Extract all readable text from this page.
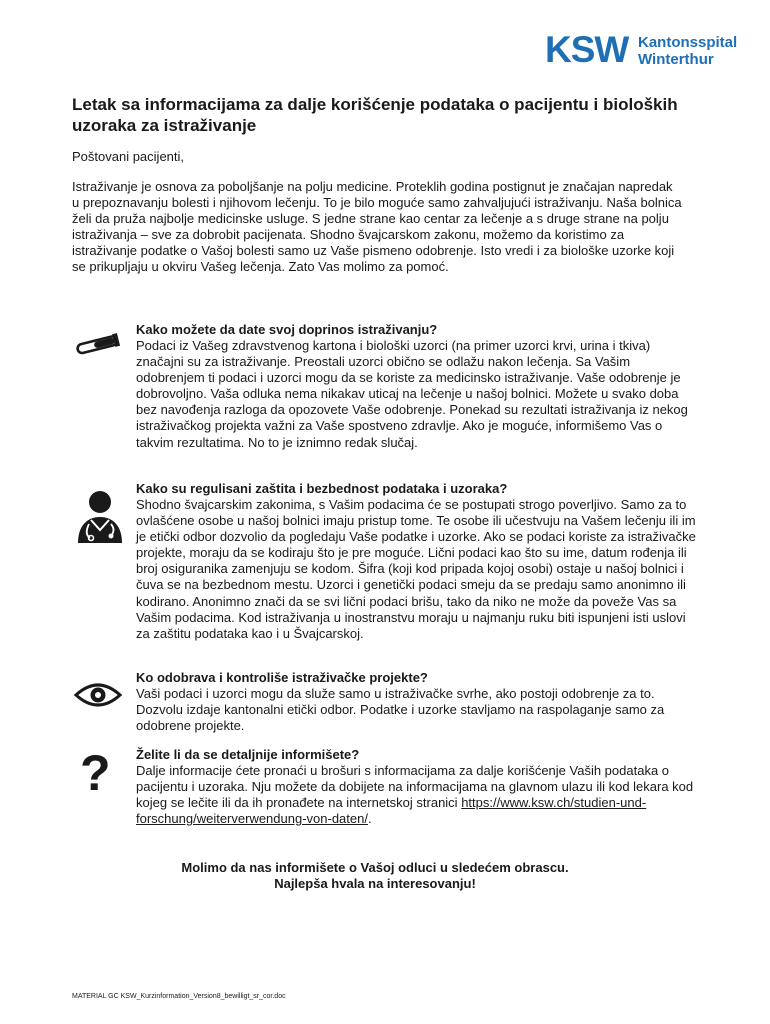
KSW Kantonsspital
Winterthur
Letak sa informacijama za dalje korišćenje podataka o pacijentu i bioloških uzoraka za istraživanje
Poštovani pacijenti,

Istraživanje je osnova za poboljšanje na polju medicine. Proteklih godina postignut je značajan napredak u prepoznavanju bolesti i njihovom lečenju. To je bilo moguće samo zahvaljujući istraživanju. Naša bolnica želi da pruža najbolje medicinske usluge. S jedne strane kao centar za lečenje a s druge strane na polju istraživanja – sve za dobrobit pacijenata. Shodno švajcarskom zakonu, možemo da koristimo za istraživanje podatke o Vašoj bolesti samo uz Vaše pismeno odobrenje. Isto vredi i za biološke uzorke koji se prikupljaju u okviru Vašeg lečenja. Zato Vas molimo za pomoć.

Kako možete da date svoj doprinos istraživanju?

Podaci iz Vašeg zdravstvenog kartona i biološki uzorci (na primer uzorci krvi, urina i tkiva) značajni su za istraživanje. Preostali uzorci obično se odlažu nakon lečenja. Sa Vašim odobrenjem ti podaci i uzorci mogu da se koriste za medicinsko istraživanje. Vaše odobrenje je dobrovoljno. Vaša odluka nema nikakav uticaj na lečenje u našoj bolnici. Možete u svako doba bez navođenja razloga da opozovete Vaše odobrenje. Ponekad su rezultati istraživanja iz nekog istraživačkog projekta važni za Vaše spostveno zdravlje. Ako je moguće, informišemo Vas o takvim rezultatima. No to je iznimno redak slučaj.

Kako su regulisani zaštita i bezbednost podataka i uzoraka?

Shodno švajcarskim zakonima, s Vašim podacima će se postupati strogo poverljivo. Samo za to ovlašćene osobe u našoj bolnici imaju pristup tome. Te osobe ili učestvuju na Vašem lečenju ili im je etički odbor dozvolio da pogledaju Vaše podatke i uzorke. Ako se podaci koriste za istraživačke projekte, moraju da se kodiraju što je pre moguće. Lični podaci kao što su ime, datum rođenja ili broj osiguranika zamenjuju se kodom. Šifra (koji kod pripada kojoj osobi) ostaje u našoj bolnici i čuva se na bezbednom mestu. Uzorci i genetički podaci smeju da se predaju samo anonimno ili kodirano. Anonimno znači da se svi lični podaci brišu, tako da niko ne može da poveže Vas sa Vašim podacima. Kod istraživanja u inostranstvu moraju u najmanju ruku biti ispunjeni isti uslovi za zaštitu podataka kao i u Švajcarskoj.

Ko odobrava i kontroliše istraživačke projekte?

Vaši podaci i uzorci mogu da služe samo u istraživačke svrhe, ako postoji odobrenje za to. Dozvolu izdaje kantonalni etički odbor. Podatke i uzorke stavljamo na raspolaganje samo za odobrene projekte.

? Želite li da se detaljnije informišete?

Dalje informacije ćete pronaći u brošuri s informacijama za dalje korišćenje Vaših podataka o pacijentu i uzoraka. Nju možete da dobijete na informacijama na glavnom ulazu ili kod lekara kod kojeg se lečite ili da ih pronađete na internetskoj stranici https://www.ksw.ch/studien-und-forschung/weiterverwendung-von-daten/.

Molimo da nas informišete o Vašoj odluci u sledećem obrascu.
Najlepša hvala na interesovanju!
MATERIAL GC KSW_Kurzinformation_Version8_bewilligt_sr_cor.doc
